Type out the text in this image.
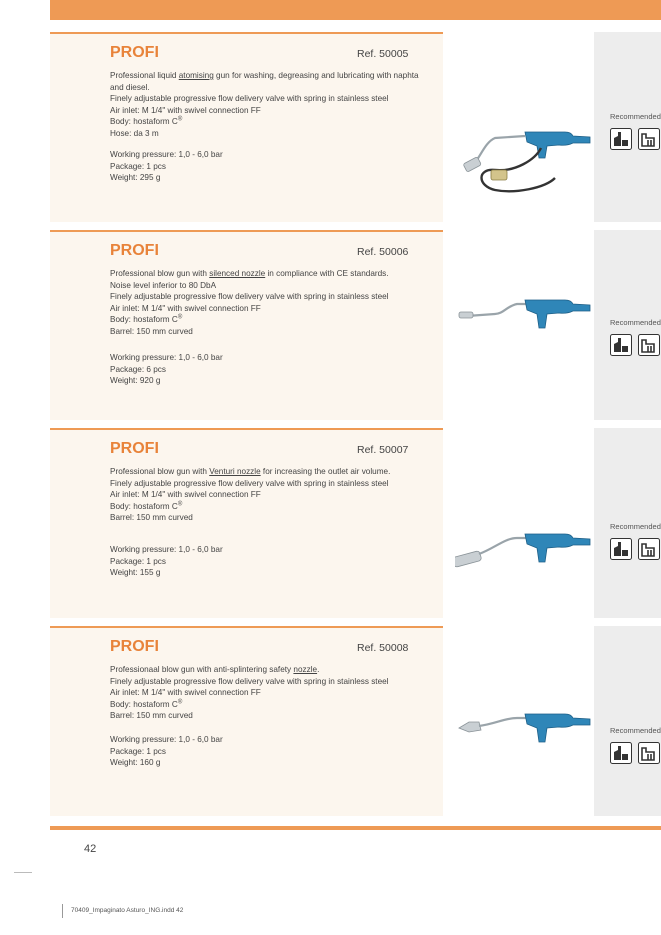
PROFI	Ref. 50005

Professional liquid atomising gun for washing, degreasing and lubricating with naphta and diesel.

Finely adjustable progressive flow delivery valve with spring in stainless steel

Air inlet: M 1/4" with swivel connection FF

Body: hostaform C®

Hose: da 3 m

Working pressure: 1,0 - 6,0 bar

Package: 1 pcs

Weight: 295 g

Recommended
PROFI	Ref. 50006

Professional blow gun with silenced nozzle in compliance with CE standards.

Noise level inferior to 80 DbA

Finely adjustable progressive flow delivery valve with spring in stainless steel

Air inlet: M 1/4" with swivel connection FF

Body: hostaform C®

Barrel: 150 mm curved

Working pressure: 1,0 - 6,0 bar

Package: 6 pcs

Weight: 920 g

Recommended
PROFI	Ref. 50007

Professional blow gun with Venturi nozzle for increasing the outlet air volume.

Finely adjustable progressive flow delivery valve with spring in stainless steel

Air inlet: M 1/4" with swivel connection FF

Body: hostaform C®

Barrel: 150 mm curved

Working pressure: 1,0 - 6,0 bar

Package: 1 pcs

Weight: 155 g

Recommended
PROFI	Ref. 50008

Professionaal blow gun with anti-splintering safety nozzle.

Finely adjustable progressive flow delivery valve with spring in stainless steel

Air inlet: M 1/4" with swivel connection FF

Body: hostaform C®

Barrel: 150 mm curved

Working pressure: 1,0 - 6,0 bar

Package: 1 pcs

Weight: 160 g

Recommended
42
70409_Impaginato Asturo_ING.indd 42
